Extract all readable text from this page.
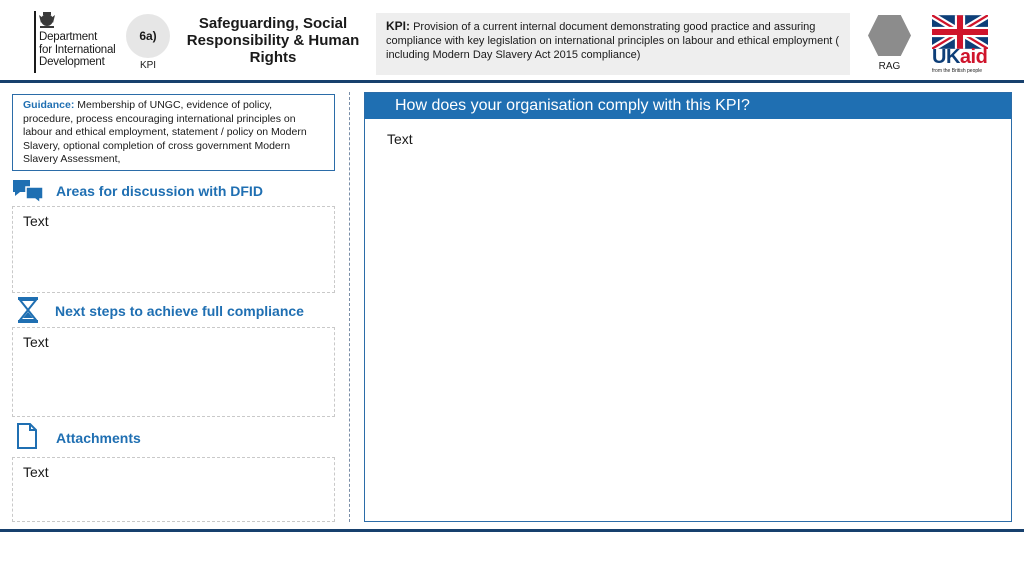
Department
for International
Development
6a)
KPI
Safeguarding, Social Responsibility & Human Rights
KPI: Provision of a current internal document demonstrating good practice and assuring compliance with key legislation on international principles on labour and ethical employment ( including Modern Day Slavery Act 2015 compliance)
RAG	UKaid
from the British people
Guidance: Membership of UNGC, evidence of policy, procedure, process encouraging international principles on labour and ethical employment, statement / policy on Modern Slavery, optional completion of cross government Modern Slavery Assessment,
Areas for discussion with DFID
Text
Next steps to achieve full compliance
Text
Attachments
Text
How does your organisation comply with this KPI?
Text
